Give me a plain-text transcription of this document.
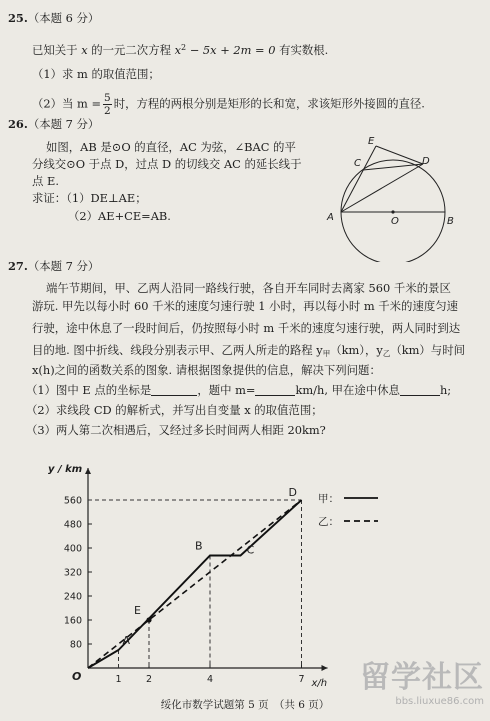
25.（本题 6 分）
已知关于 x 的一元二次方程 $x^2 - 5x + 2m = 0$ 有实数根.
（1）求 m 的取值范围；
（2）当 $m = \frac{5}{2}$ 时，方程的两根分别是矩形的长和宽，求该矩形外接圆的直径.
26.（本题 7 分）
如图，AB 是⊙O 的直径，AC 为弦，∠BAC 的平
分线交⊙O 于点 D，过点 D 的切线交 AC 的延长线于
点 E.
求证：（1）DE⊥AE；
（2）AE+CE=AB.
E
C	D
A	O	B
27.（本题 7 分）
端午节期间，甲、乙两人沿同一路线行驶，各自开车同时去离家 560 千米的景区
游玩. 甲先以每小时 60 千米的速度匀速行驶 1 小时，再以每小时 m 千米的速度匀速
行驶，途中休息了一段时间后，仍按照每小时 m 千米的速度匀速行驶，两人同时到达
目的地. 图中折线、线段分别表示甲、乙两人所走的路程 $y_甲(km)$，$y_乙(km)$与时间
x(h)之间的函数关系的图象. 请根据图象提供的信息，解决下列问题：
（1）图中 E 点的坐标是	，题中 m=	km/h, 甲在途中休息	h;
（2）求线段 CD 的解析式，并写出自变量 x 的取值范围；
（3）两人第二次相遇后，又经过多长时间两人相距 20km?
x/h
y / km
O
80
160
240
320
400
480
560
1	2	4	7
A
E
B	C
D 甲：
乙：
绥化市数学试题第 5 页　（共 6 页）
留学社区
bbs.liuxue86.com
